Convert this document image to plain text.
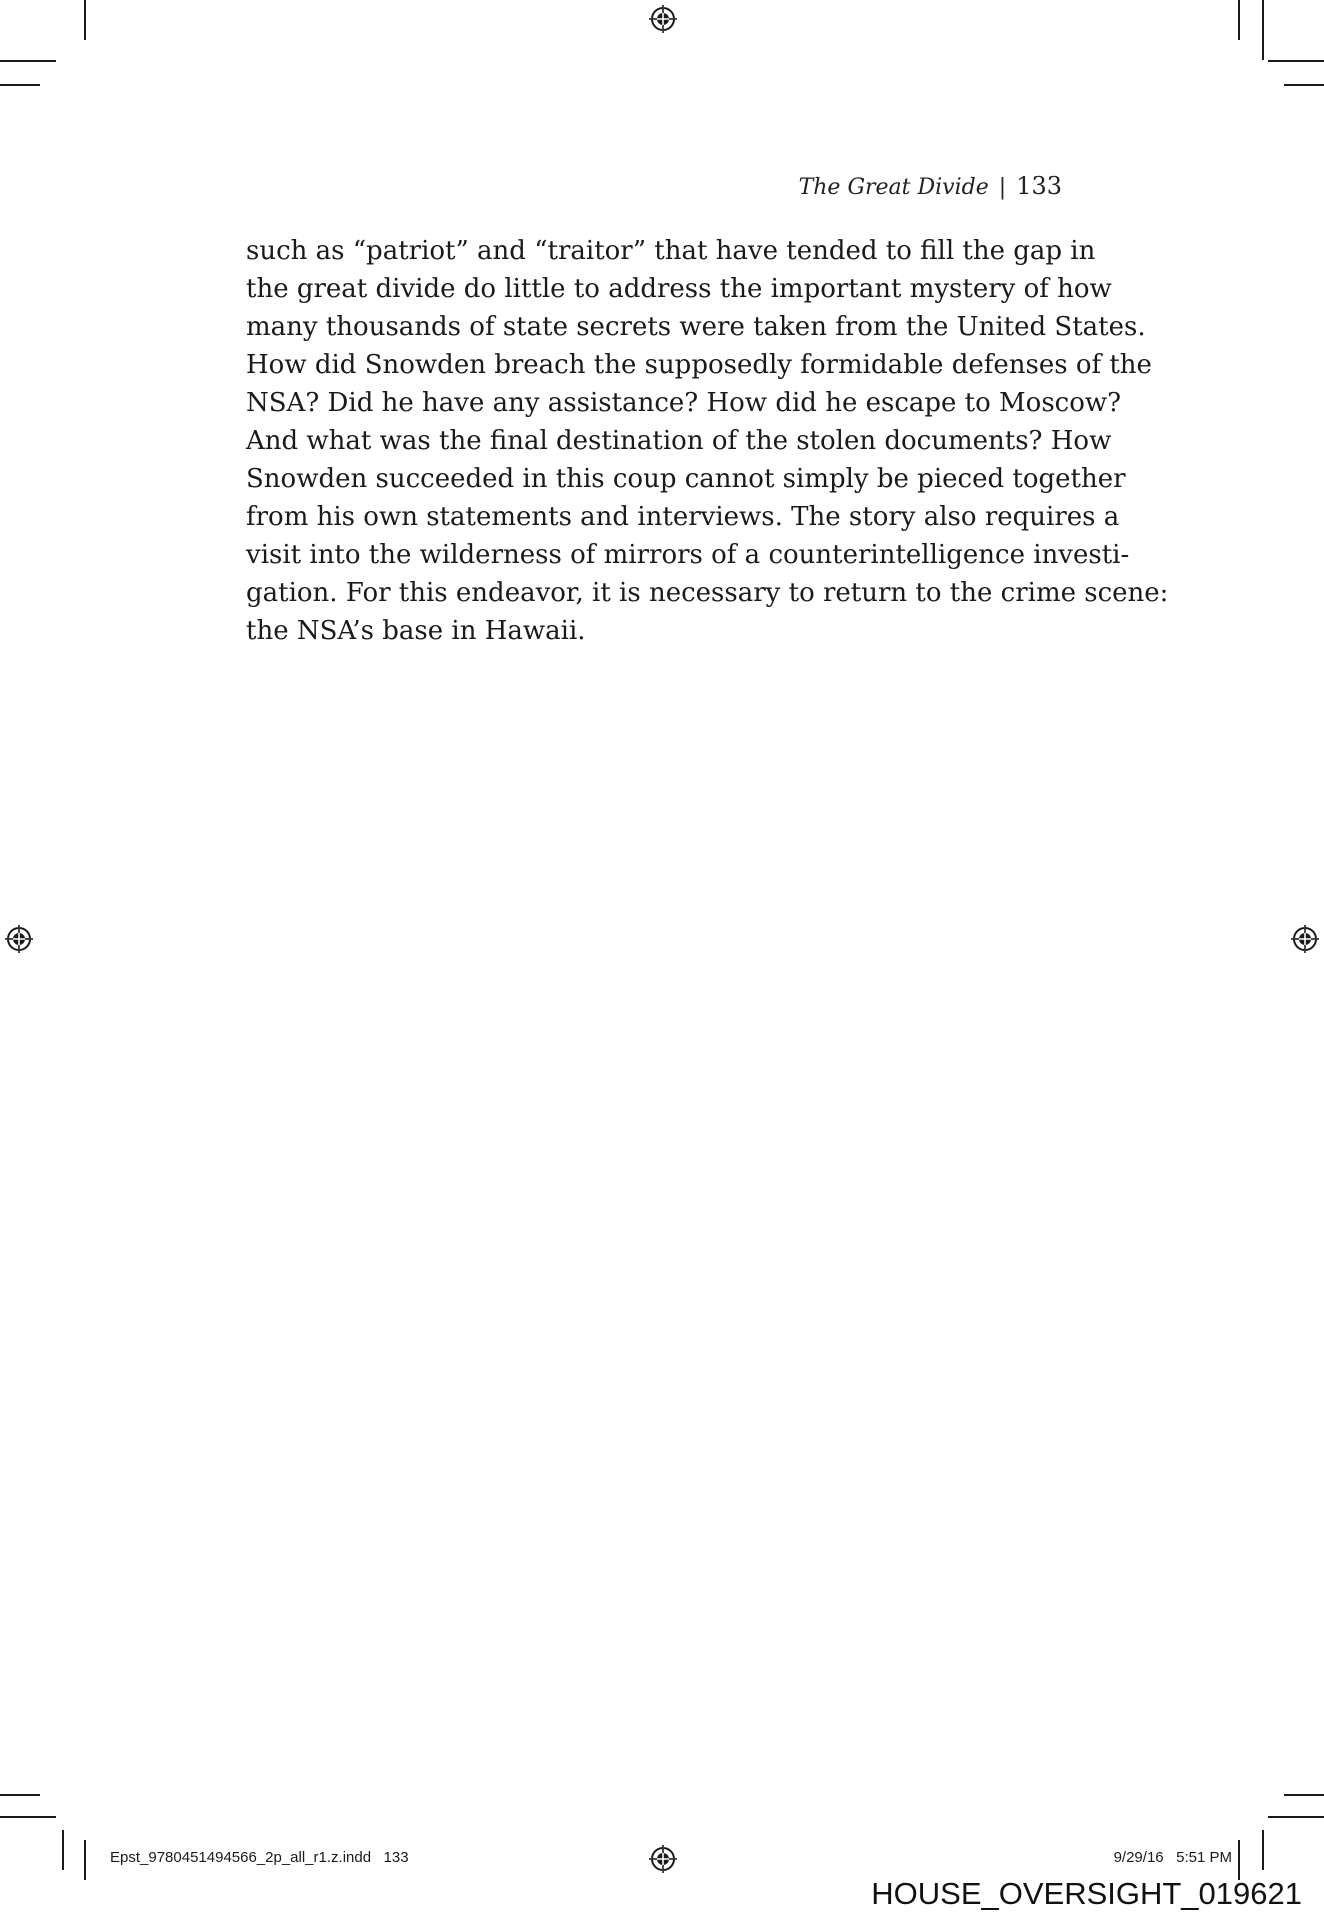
The Great Divide | 133
such as “patriot” and “traitor” that have tended to fill the gap in
the great divide do little to address the important mystery of how
many thousands of state secrets were taken from the United States.
How did Snowden breach the supposedly formidable defenses of the
NSA? Did he have any assistance? How did he escape to Moscow?
And what was the final destination of the stolen documents? How
Snowden succeeded in this coup cannot simply be pieced together
from his own statements and interviews. The story also requires a
visit into the wilderness of mirrors of a counterintelligence investi-
gation. For this endeavor, it is necessary to return to the crime scene:
the NSA’s base in Hawaii.
Epst_9780451494566_2p_all_r1.z.indd   133	9/29/16   5:51 PM
HOUSE_OVERSIGHT_019621
